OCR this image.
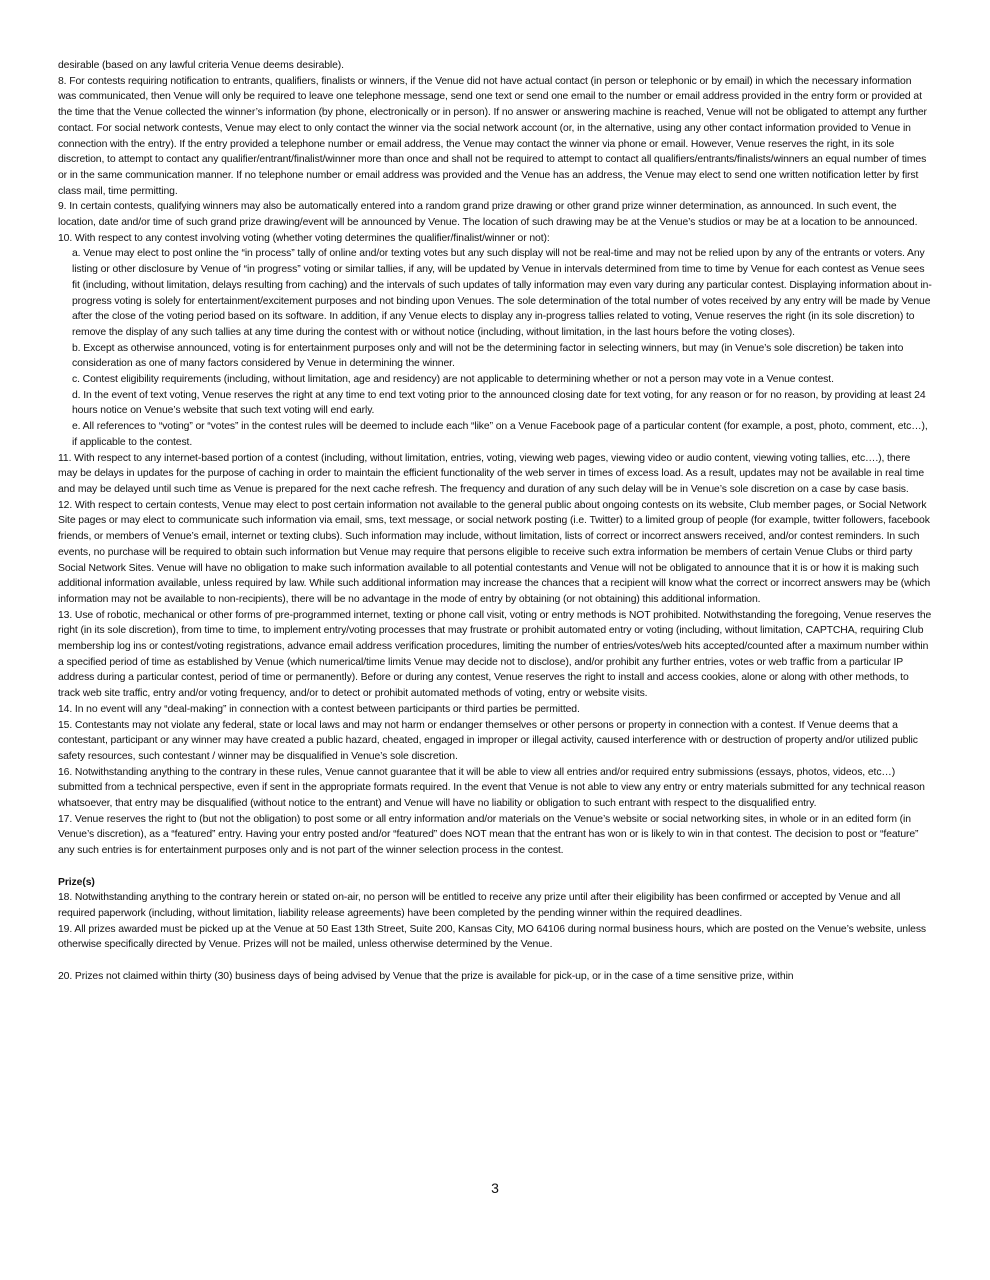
desirable (based on any lawful criteria Venue deems desirable).

8. For contests requiring notification to entrants, qualifiers, finalists or winners, if the Venue did not have actual contact (in person or telephonic or by email) in which the necessary information was communicated, then Venue will only be required to leave one telephone message, send one text or send one email to the number or email address provided in the entry form or provided at the time that the Venue collected the winner’s information (by phone, electronically or in person). If no answer or answering machine is reached, Venue will not be obligated to attempt any further contact. For social network contests, Venue may elect to only contact the winner via the social network account (or, in the alternative, using any other contact information provided to Venue in connection with the entry). If the entry provided a telephone number or email address, the Venue may contact the winner via phone or email. However, Venue reserves the right, in its sole discretion, to attempt to contact any qualifier/entrant/finalist/winner more than once and shall not be required to attempt to contact all qualifiers/entrants/finalists/winners an equal number of times or in the same communication manner. If no telephone number or email address was provided and the Venue has an address, the Venue may elect to send one written notification letter by first class mail, time permitting.

9. In certain contests, qualifying winners may also be automatically entered into a random grand prize drawing or other grand prize winner determination, as announced. In such event, the location, date and/or time of such grand prize drawing/event will be announced by Venue. The location of such drawing may be at the Venue’s studios or may be at a location to be announced.

10. With respect to any contest involving voting (whether voting determines the qualifier/finalist/winner or not):

a. Venue may elect to post online the “in process” tally of online and/or texting votes but any such display will not be real-time and may not be relied upon by any of the entrants or voters. Any listing or other disclosure by Venue of “in progress” voting or similar tallies, if any, will be updated by Venue in intervals determined from time to time by Venue for each contest as Venue sees fit (including, without limitation, delays resulting from caching) and the intervals of such updates of tally information may even vary during any particular contest. Displaying information about in-progress voting is solely for entertainment/excitement purposes and not binding upon Venues. The sole determination of the total number of votes received by any entry will be made by Venue after the close of the voting period based on its software. In addition, if any Venue elects to display any in-progress tallies related to voting, Venue reserves the right (in its sole discretion) to remove the display of any such tallies at any time during the contest with or without notice (including, without limitation, in the last hours before the voting closes).

b. Except as otherwise announced, voting is for entertainment purposes only and will not be the determining factor in selecting winners, but may (in Venue’s sole discretion) be taken into consideration as one of many factors considered by Venue in determining the winner.

c. Contest eligibility requirements (including, without limitation, age and residency) are not applicable to determining whether or not a person may vote in a Venue contest.

d. In the event of text voting, Venue reserves the right at any time to end text voting prior to the announced closing date for text voting, for any reason or for no reason, by providing at least 24 hours notice on Venue’s website that such text voting will end early.

e. All references to “voting” or “votes” in the contest rules will be deemed to include each “like” on a Venue Facebook page of a particular content (for example, a post, photo, comment, etc…), if applicable to the contest.

11. With respect to any internet-based portion of a contest (including, without limitation, entries, voting, viewing web pages, viewing video or audio content, viewing voting tallies, etc….), there may be delays in updates for the purpose of caching in order to maintain the efficient functionality of the web server in times of excess load. As a result, updates may not be available in real time and may be delayed until such time as Venue is prepared for the next cache refresh. The frequency and duration of any such delay will be in Venue’s sole discretion on a case by case basis.

12. With respect to certain contests, Venue may elect to post certain information not available to the general public about ongoing contests on its website, Club member pages, or Social Network Site pages or may elect to communicate such information via email, sms, text message, or social network posting (i.e. Twitter) to a limited group of people (for example, twitter followers, facebook friends, or members of Venue’s email, internet or texting clubs). Such information may include, without limitation, lists of correct or incorrect answers received, and/or contest reminders. In such events, no purchase will be required to obtain such information but Venue may require that persons eligible to receive such extra information be members of certain Venue Clubs or third party Social Network Sites. Venue will have no obligation to make such information available to all potential contestants and Venue will not be obligated to announce that it is or how it is making such additional information available, unless required by law. While such additional information may increase the chances that a recipient will know what the correct or incorrect answers may be (which information may not be available to non-recipients), there will be no advantage in the mode of entry by obtaining (or not obtaining) this additional information.

13. Use of robotic, mechanical or other forms of pre-programmed internet, texting or phone call visit, voting or entry methods is NOT prohibited. Notwithstanding the foregoing, Venue reserves the right (in its sole discretion), from time to time, to implement entry/voting processes that may frustrate or prohibit automated entry or voting (including, without limitation, CAPTCHA, requiring Club membership log ins or contest/voting registrations, advance email address verification procedures, limiting the number of entries/votes/web hits accepted/counted after a maximum number within a specified period of time as established by Venue (which numerical/time limits Venue may decide not to disclose), and/or prohibit any further entries, votes or web traffic from a particular IP address during a particular contest, period of time or permanently). Before or during any contest, Venue reserves the right to install and access cookies, alone or along with other methods, to track web site traffic, entry and/or voting frequency, and/or to detect or prohibit automated methods of voting, entry or website visits.

14. In no event will any “deal-making” in connection with a contest between participants or third parties be permitted.

15. Contestants may not violate any federal, state or local laws and may not harm or endanger themselves or other persons or property in connection with a contest. If Venue deems that a contestant, participant or any winner may have created a public hazard, cheated, engaged in improper or illegal activity, caused interference with or destruction of property and/or utilized public safety resources, such contestant / winner may be disqualified in Venue’s sole discretion.

16. Notwithstanding anything to the contrary in these rules, Venue cannot guarantee that it will be able to view all entries and/or required entry submissions (essays, photos, videos, etc…) submitted from a technical perspective, even if sent in the appropriate formats required. In the event that Venue is not able to view any entry or entry materials submitted for any technical reason whatsoever, that entry may be disqualified (without notice to the entrant) and Venue will have no liability or obligation to such entrant with respect to the disqualified entry.

17. Venue reserves the right to (but not the obligation) to post some or all entry information and/or materials on the Venue’s website or social networking sites, in whole or in an edited form (in Venue’s discretion), as a “featured” entry. Having your entry posted and/or “featured” does NOT mean that the entrant has won or is likely to win in that contest. The decision to post or “feature” any such entries is for entertainment purposes only and is not part of the winner selection process in the contest.

Prize(s)

18. Notwithstanding anything to the contrary herein or stated on-air, no person will be entitled to receive any prize until after their eligibility has been confirmed or accepted by Venue and all required paperwork (including, without limitation, liability release agreements) have been completed by the pending winner within the required deadlines.

19. All prizes awarded must be picked up at the Venue at 50 East 13th Street, Suite 200, Kansas City, MO 64106 during normal business hours, which are posted on the Venue’s website, unless otherwise specifically directed by Venue. Prizes will not be mailed, unless otherwise determined by the Venue.

20. Prizes not claimed within thirty (30) business days of being advised by Venue that the prize is available for pick-up, or in the case of a time sensitive prize, within

3
